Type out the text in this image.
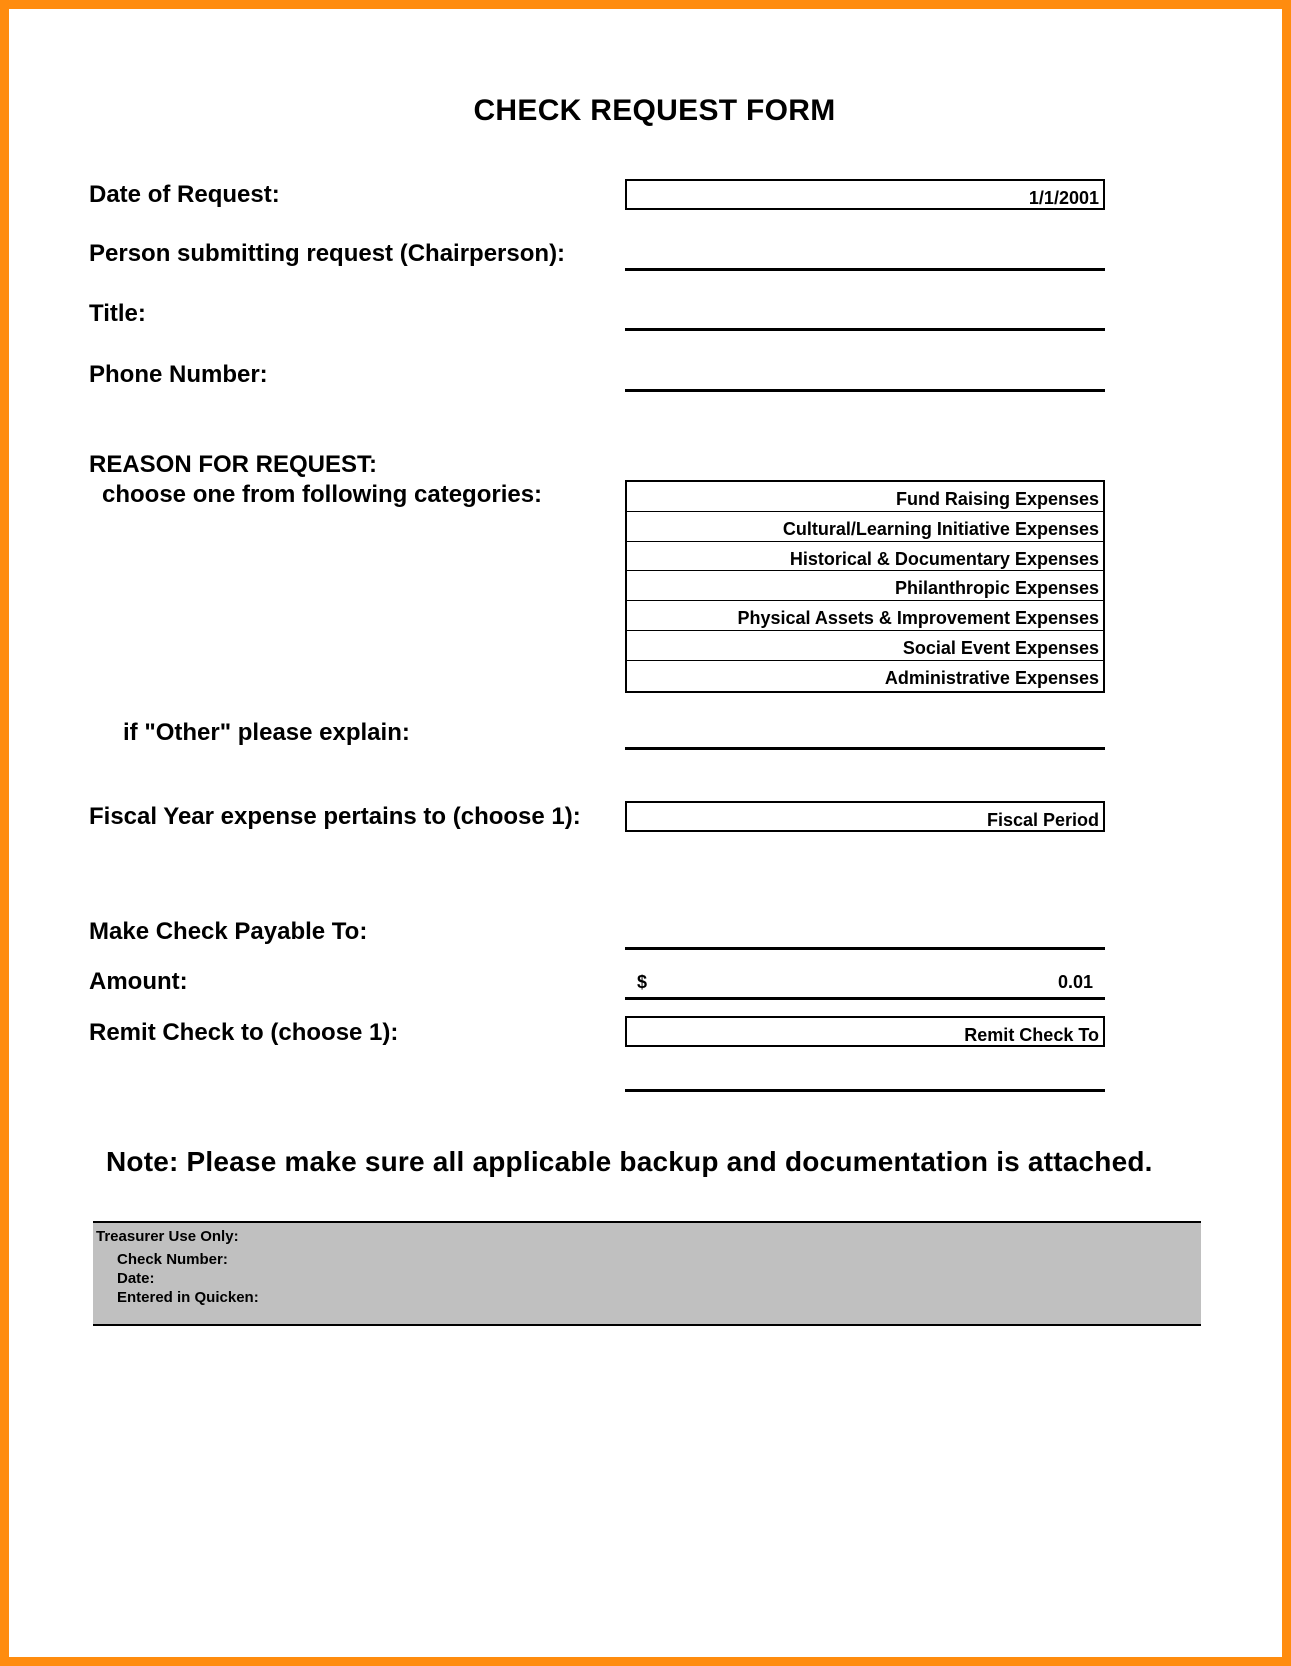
CHECK REQUEST FORM
Date of Request:	1/1/2001
Person submitting request (Chairperson):
Title:
Phone Number:
REASON FOR REQUEST:
choose one from following categories:	Fund Raising Expenses
Cultural/Learning Initiative Expenses
Historical & Documentary Expenses
Philanthropic Expenses
Physical Assets & Improvement Expenses
Social Event Expenses
Administrative Expenses
if "Other" please explain:
Fiscal Year expense pertains to (choose 1):	Fiscal Period
Make Check Payable To:
Amount:	$	0.01
Remit Check to (choose 1):	Remit Check To
Note: Please make sure all applicable backup and documentation is attached.
Treasurer Use Only:
Check Number:
Date:
Entered in Quicken:
